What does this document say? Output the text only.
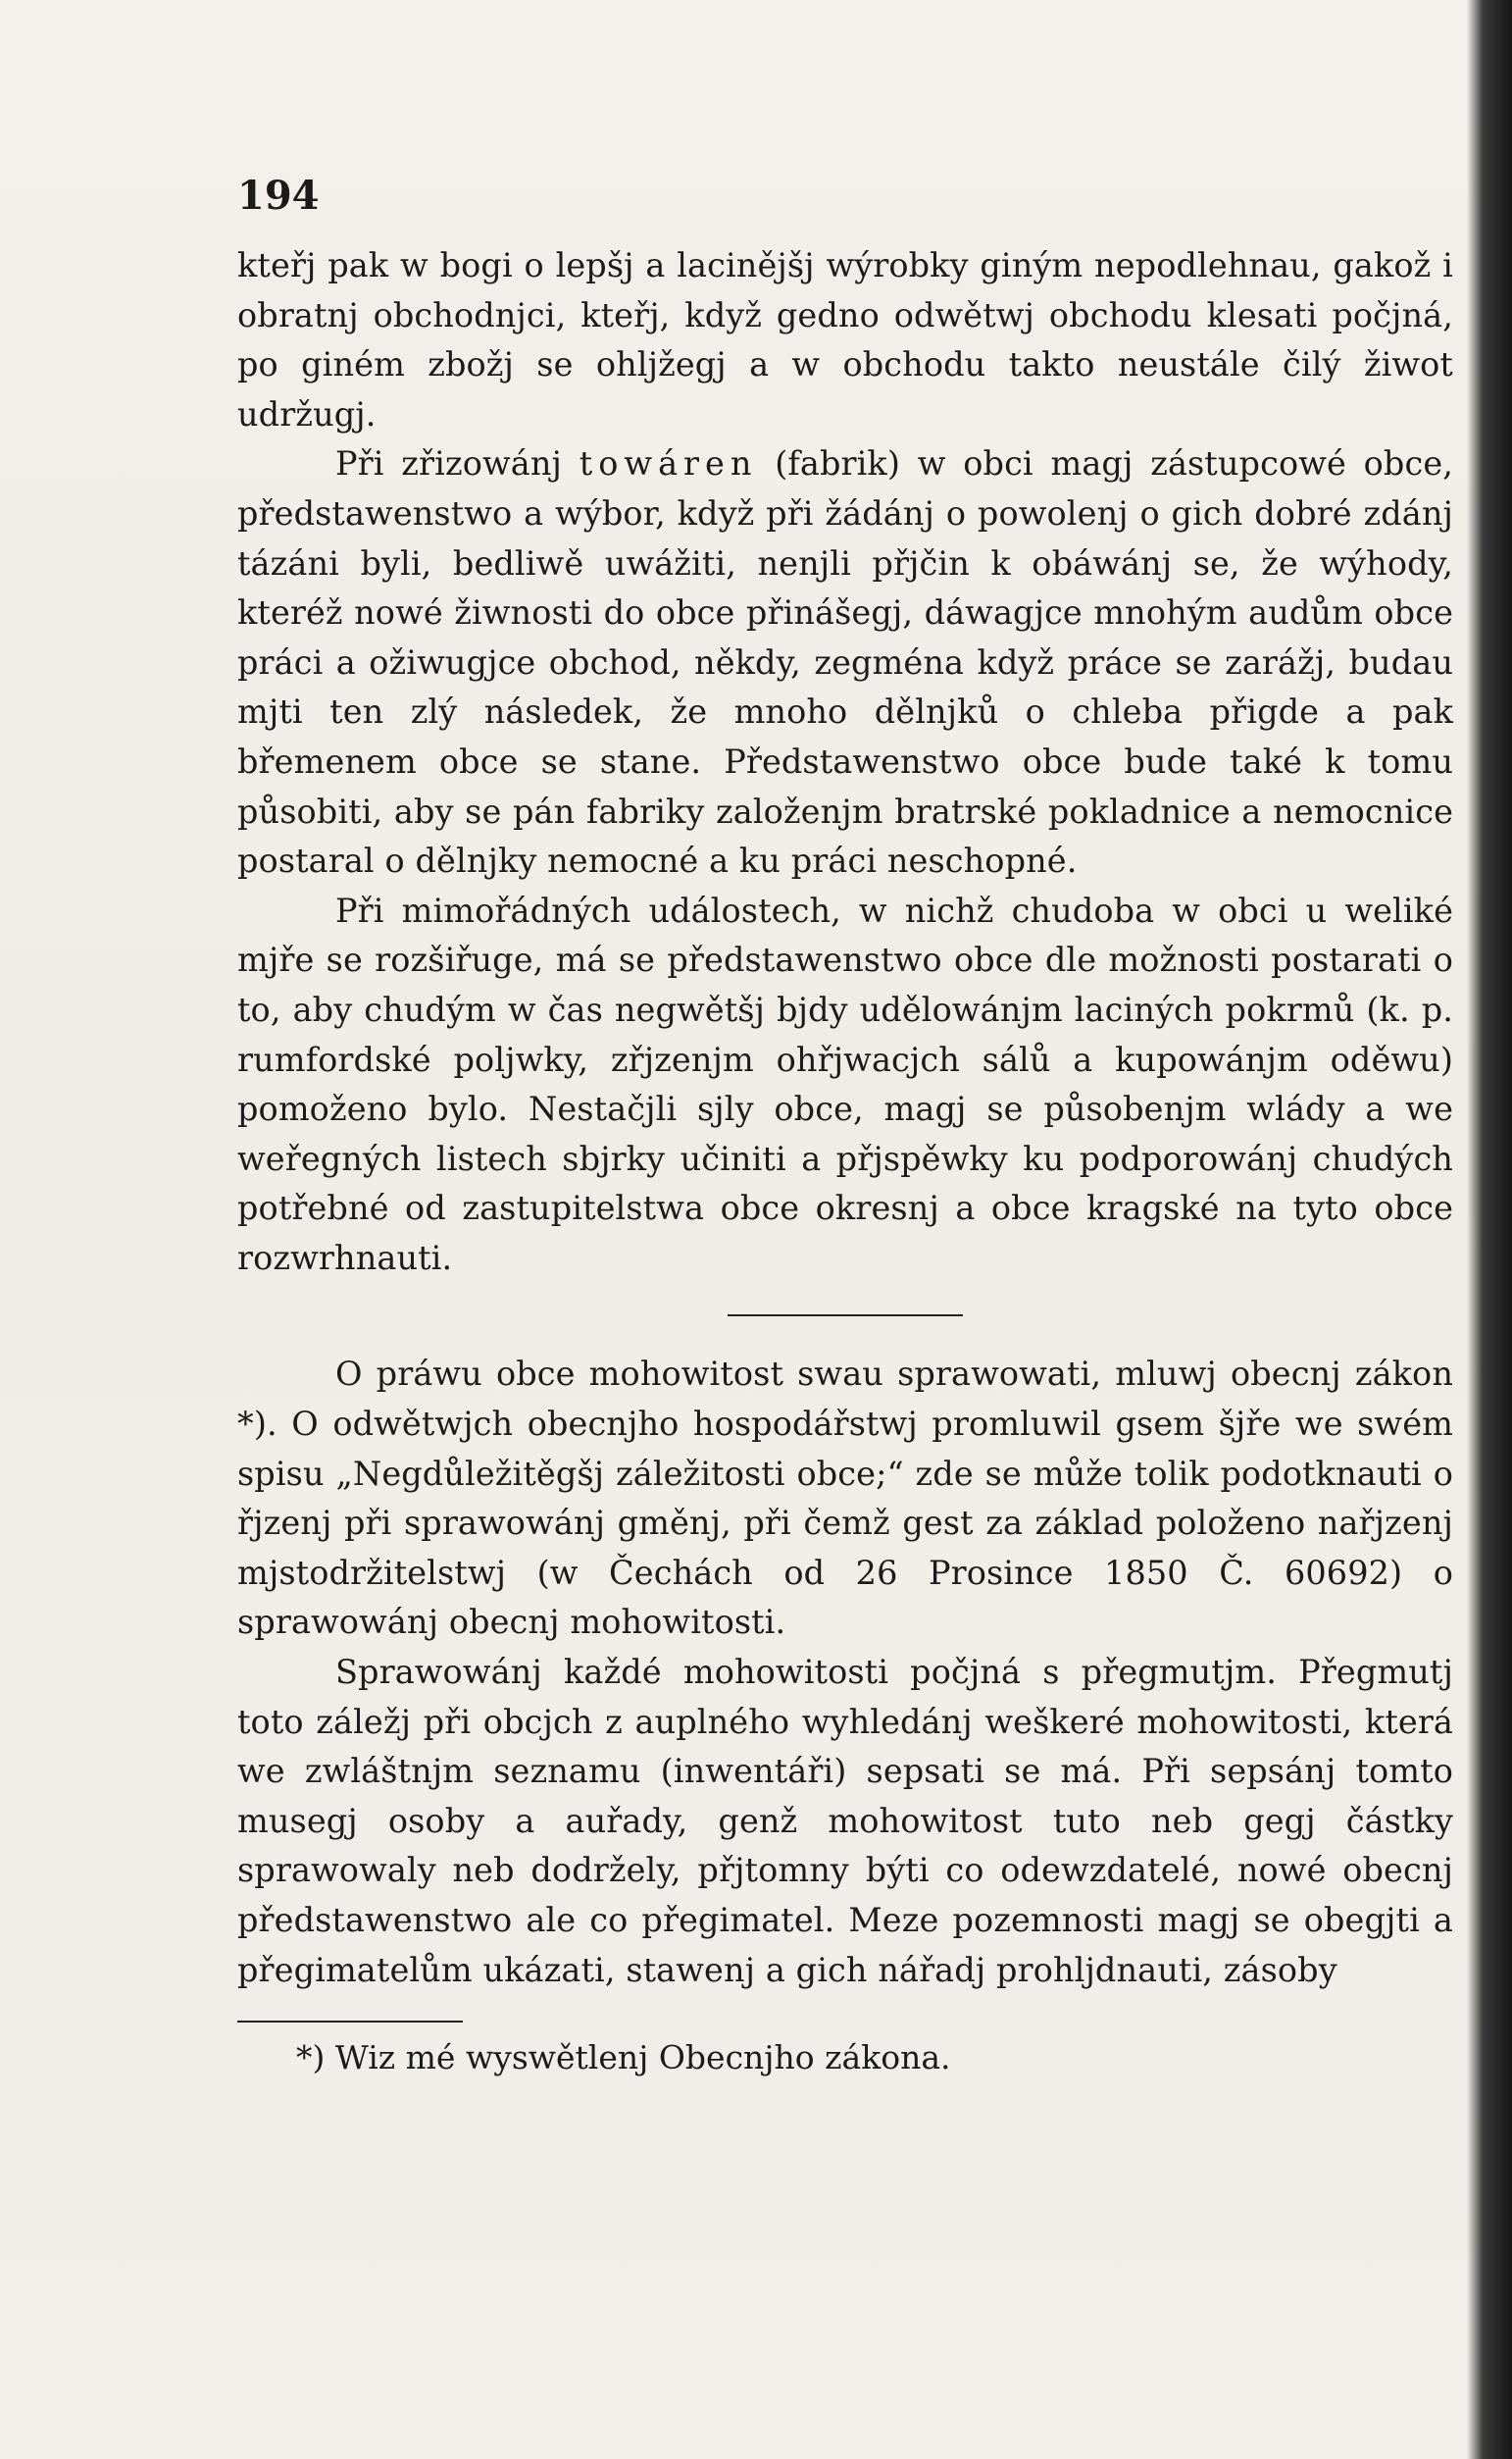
194

kteřj pak w bogi o lepšj a lacinějšj wýrobky giným nepodlehnau, gakož i obratnj obchodnjci, kteřj, když gedno odwětwj obchodu klesati počjná, po giném zbožj se ohljžegj a w obchodu takto neustále čilý žiwot udržugj.

Při zřizowánj towáren (fabrik) w obci magj zástupcowé obce, předstawenstwo a wýbor, když při žádánj o powolenj o gich dobré zdánj tázáni byli, bedliwě uwážiti, nenjli přjčin k obáwánj se, že wýhody, kteréž nowé žiwnosti do obce přinášegj, dáwagjce mnohým audům obce práci a ožiwugjce obchod, někdy, zegména když práce se zarážj, budau mjti ten zlý následek, že mnoho dělnjků o chleba přigde a pak břemenem obce se stane. Předstawenstwo obce bude také k tomu působiti, aby se pán fabriky založenjm bratrské pokladnice a nemocnice postaral o dělnjky nemocné a ku práci neschopné.

Při mimořádných událostech, w nichž chudoba w obci u weliké mjře se rozšiřuge, má se předstawenstwo obce dle možnosti postarati o to, aby chudým w čas negwětšj bjdy udělowánjm laciných pokrmů (k. p. rumfordské poljwky, zřjzenjm ohřjwacjch sálů a kupowánjm oděwu) pomoženo bylo. Nestačjli sjly obce, magj se působenjm wlády a we weřegných listech sbjrky učiniti a přjspěwky ku podporowánj chudých potřebné od zastupitelstwa obce okresnj a obce kragské na tyto obce rozwrhnauti.

O práwu obce mohowitost swau sprawowati, mluwj obecnj zákon *). O odwětwjch obecnjho hospodářstwj promluwil gsem šjře we swém spisu „Negdůležitěgšj záležitosti obce;“ zde se může tolik podotknauti o řjzenj při sprawowánj gměnj, při čemž gest za základ položeno nařjzenj mjstodržitelstwj (w Čechách od 26 Prosince 1850 Č. 60692) o sprawowánj obecnj mohowitosti.

Sprawowánj každé mohowitosti počjná s přegmutjm. Přegmutj toto záležj při obcjch z auplného wyhledánj weškeré mohowitosti, která we zwláštnjm seznamu (inwentáři) sepsati se má. Při sepsánj tomto musegj osoby a auřady, genž mohowitost tuto neb gegj částky sprawowaly neb dodržely, přjtomny býti co odewzdatelé, nowé obecnj předstawenstwo ale co přegimatel. Meze pozemnosti magj se obegjti a přegimatelům ukázati, stawenj a gich nářadj prohljdnauti, zásoby

*) Wiz mé wyswětlenj Obecnjho zákona.
